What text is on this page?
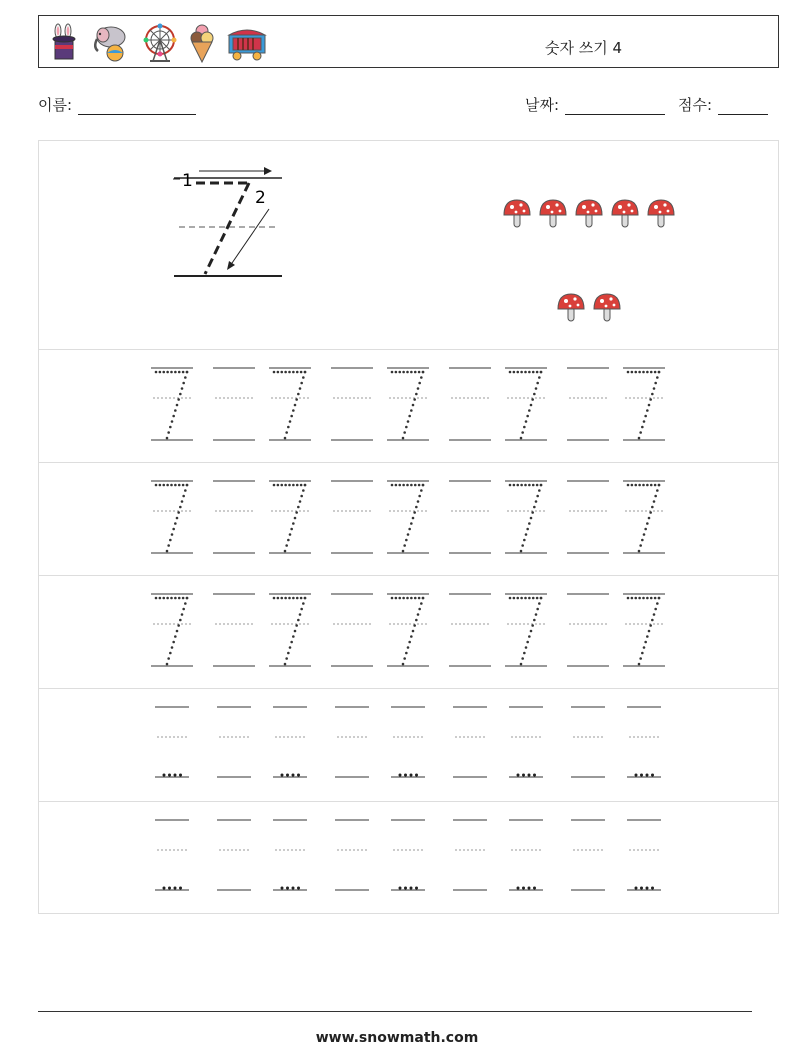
숫자 쓰기 4
이름:	날짜:	점수:
1
2
www.snowmath.com
